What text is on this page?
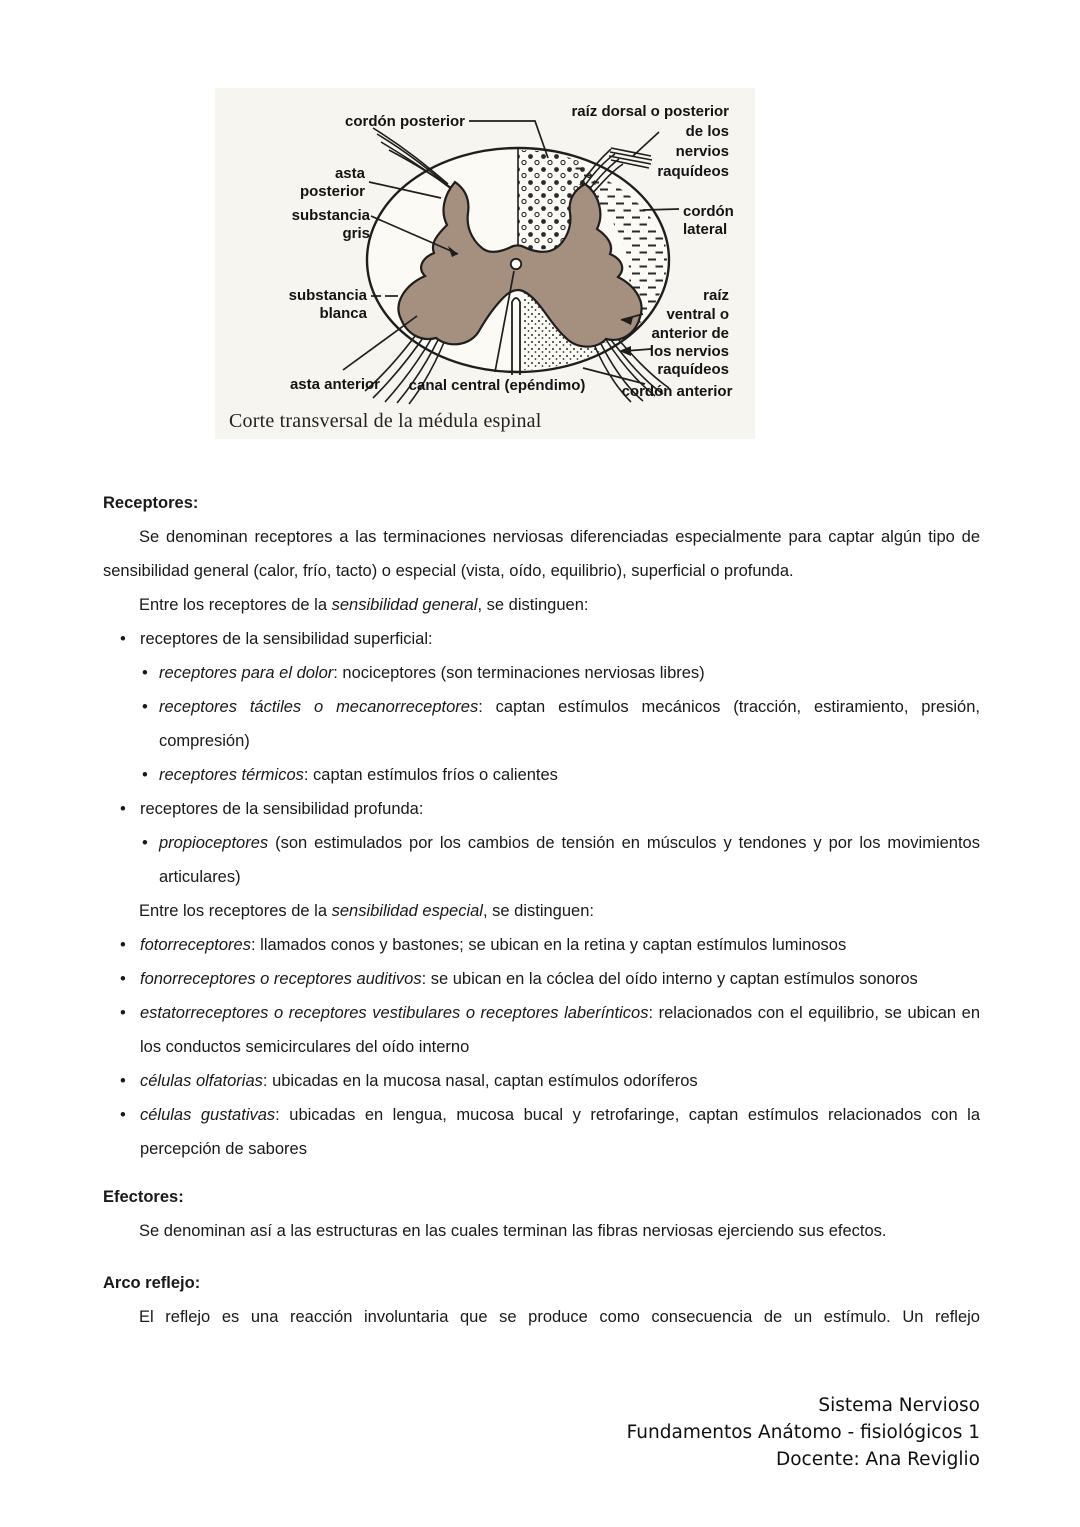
cordón posterior
raíz dorsal o posterior
de los
nervios
raquídeos
asta
posterior
substancia
gris
substancia
blanca
cordón
lateral
raíz
ventral o
anterior de
los nervios
raquídeos
asta anterior canal central (epéndimo) cordón anterior
Corte transversal de la médula espinal
Receptores:
Se denominan receptores a las terminaciones nerviosas diferenciadas especialmente para captar algún tipo de sensibilidad general (calor, frío, tacto) o especial (vista, oído, equilibrio), superficial o profunda.
Entre los receptores de la sensibilidad general, se distinguen:
• receptores de la sensibilidad superficial:
• receptores para el dolor: nociceptores (son terminaciones nerviosas libres)
• receptores táctiles o mecanorreceptores: captan estímulos mecánicos (tracción, estiramiento, presión, compresión)
• receptores térmicos: captan estímulos fríos o calientes
• receptores de la sensibilidad profunda:
• propioceptores (son estimulados por los cambios de tensión en músculos y tendones y por los movimientos articulares)
Entre los receptores de la sensibilidad especial, se distinguen:
• fotorreceptores: llamados conos y bastones; se ubican en la retina y captan estímulos luminosos
• fonorreceptores o receptores auditivos: se ubican en la cóclea del oído interno y captan estímulos sonoros
• estatorreceptores o receptores vestibulares o receptores laberínticos: relacionados con el equilibrio, se ubican en los conductos semicirculares del oído interno
• células olfatorias: ubicadas en la mucosa nasal, captan estímulos odoríferos
• células gustativas: ubicadas en lengua, mucosa bucal y retrofaringe, captan estímulos relacionados con la percepción de sabores
Efectores:
Se denominan así a las estructuras en las cuales terminan las fibras nerviosas ejerciendo sus efectos.
Arco reflejo:
El reflejo es una reacción involuntaria que se produce como consecuencia de un estímulo. Un reflejo
Sistema Nervioso
Fundamentos Anátomo - fisiológicos 1
Docente: Ana Reviglio
